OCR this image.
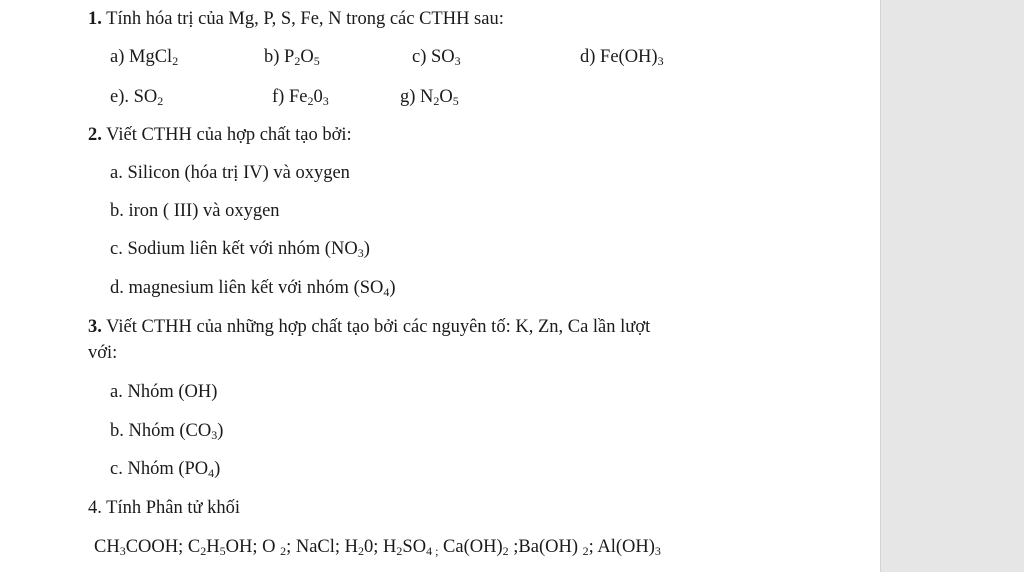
1. Tính hóa trị của Mg, P, S, Fe, N trong các CTHH sau:
a) MgCl$_2$	b) $P_2O_5$	c) $SO_3$	d) $Fe(OH)_3$
e). $SO_2$	f) $Fe_20_3$	g) $N_2O_5$
2. Viết CTHH của hợp chất tạo bởi:
a. Silicon (hóa trị IV) và oxygen
b. iron ( III) và oxygen
c. Sodium liên kết với nhóm $(NO_3)$
d. magnesium liên kết với nhóm $(SO_4)$
3. Viết CTHH của những hợp chất tạo bởi các nguyên tố: K, Zn, Ca lần lượt
với:
a. Nhóm (OH)
b. Nhóm $(CO_3)$
c. Nhóm $(PO_4)$
4. Tính Phân tử khối
$CH_3COOH$; $C_2H_5OH$; O $_2$; NaCl; $H_20$; $H_2SO_{4 ;}$ $Ca(OH)_2$ ;Ba(OH) $_2$; $Al(OH)_3$
